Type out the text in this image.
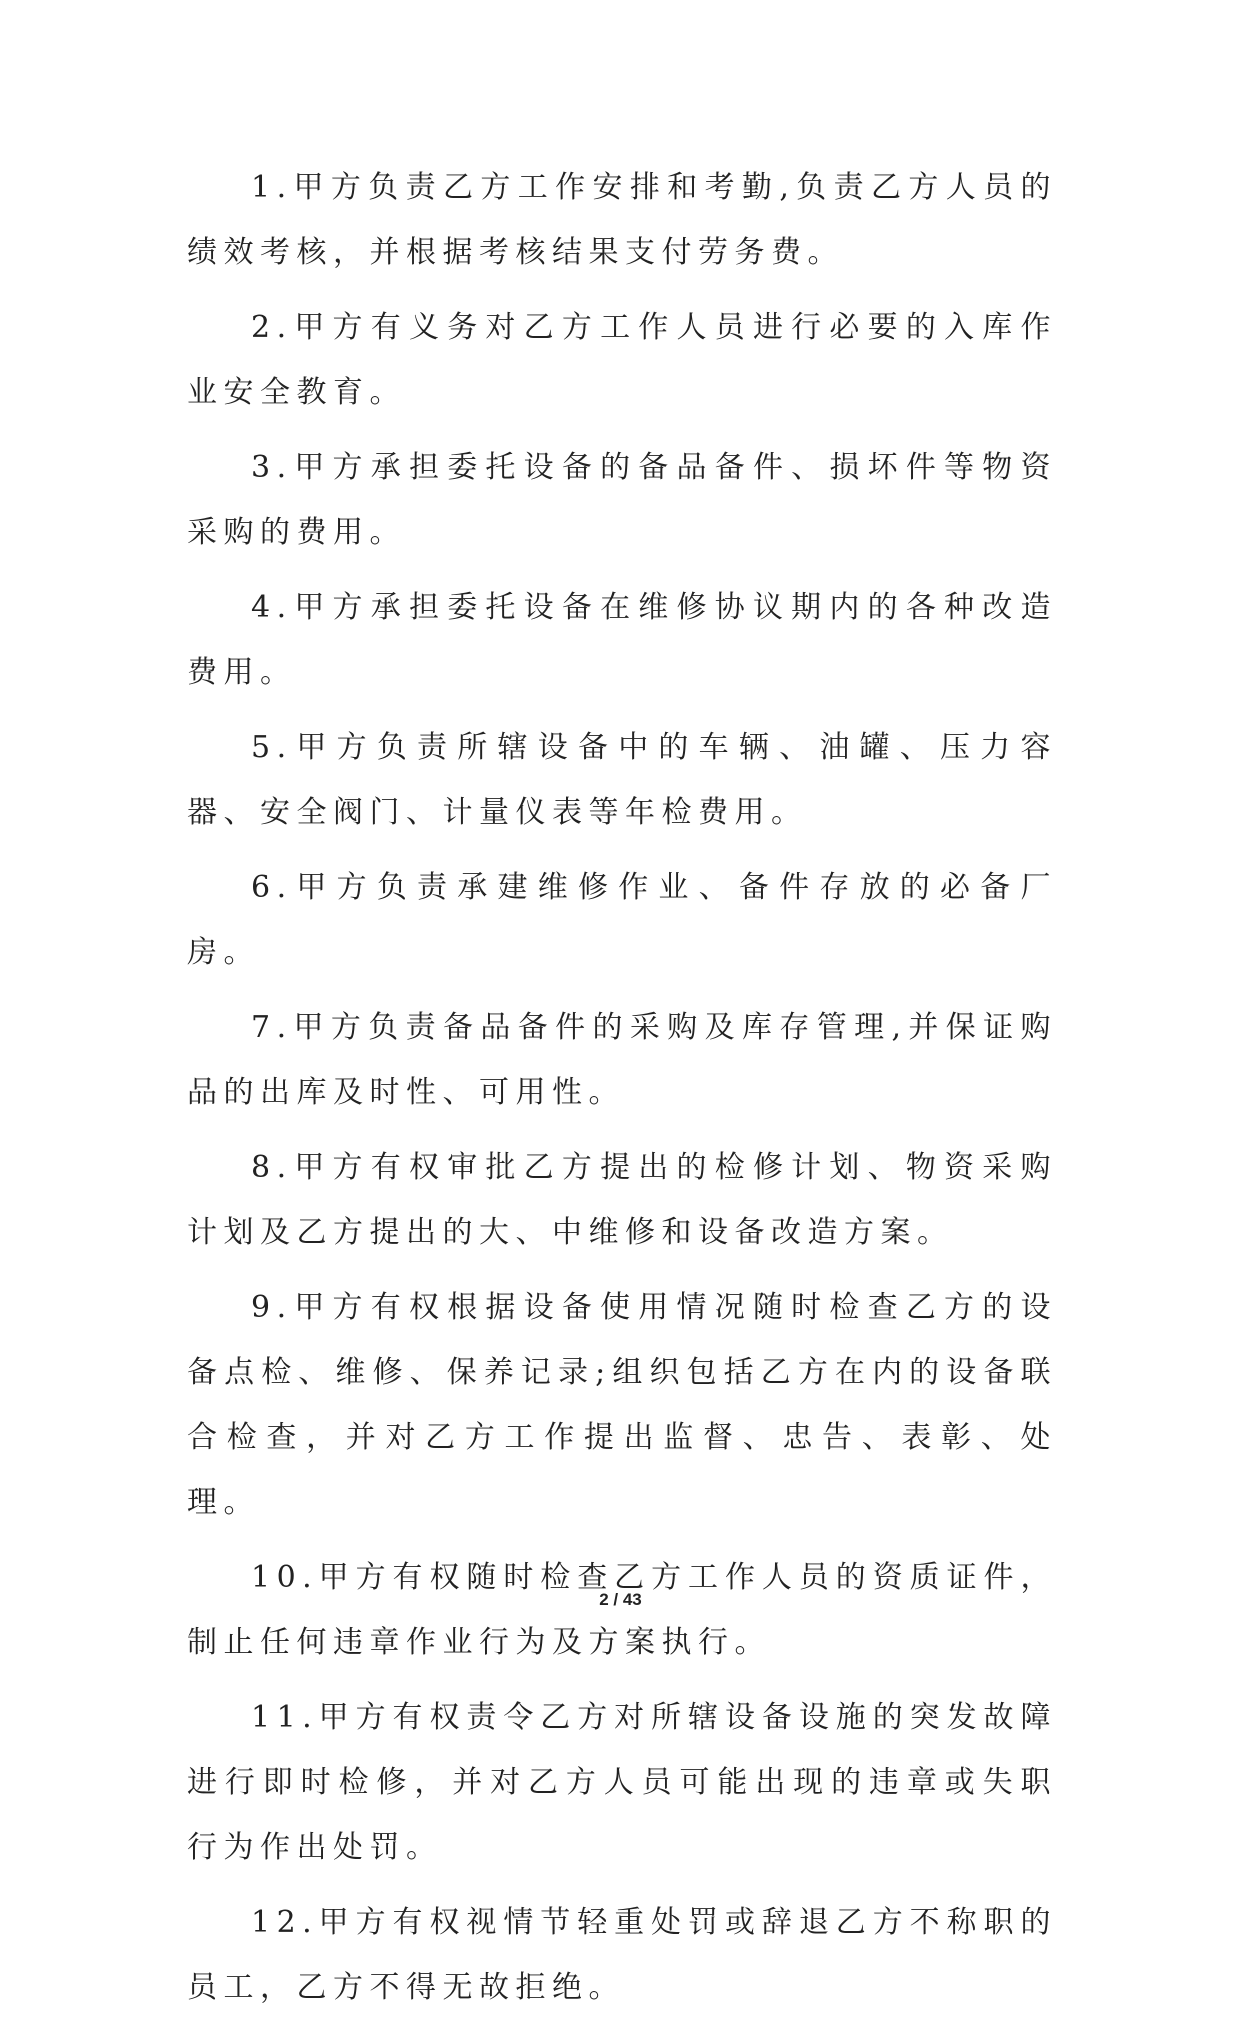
1.甲方负责乙方工作安排和考勤,负责乙方人员的绩效考核，并根据考核结果支付劳务费。

2.甲方有义务对乙方工作人员进行必要的入库作业安全教育。

3.甲方承担委托设备的备品备件、损坏件等物资采购的费用。

4.甲方承担委托设备在维修协议期内的各种改造费用。

5.甲方负责所辖设备中的车辆、油罐、压力容器、安全阀门、计量仪表等年检费用。

6.甲方负责承建维修作业、备件存放的必备厂房。

7.甲方负责备品备件的采购及库存管理,并保证购品的出库及时性、可用性。

8.甲方有权审批乙方提出的检修计划、物资采购计划及乙方提出的大、中维修和设备改造方案。

9.甲方有权根据设备使用情况随时检查乙方的设备点检、维修、保养记录;组织包括乙方在内的设备联合检查，并对乙方工作提出监督、忠告、表彰、处理。

10.甲方有权随时检查乙方工作人员的资质证件，制止任何违章作业行为及方案执行。

11.甲方有权责令乙方对所辖设备设施的突发故障进行即时检修，并对乙方人员可能出现的违章或失职行为作出处罚。

12.甲方有权视情节轻重处罚或辞退乙方不称职的员工，乙方不得无故拒绝。

2 / 43
